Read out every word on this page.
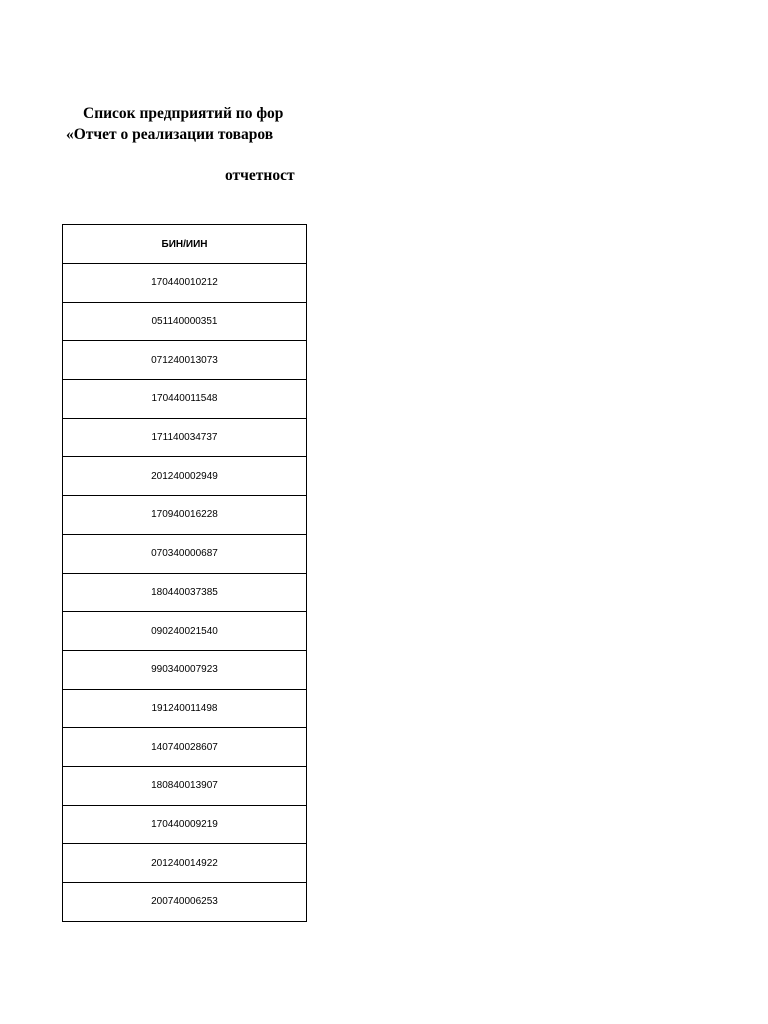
Список предприятий по фор
«Отчет о реализации товаров
отчетност
БИН/ИИН
170440010212
051140000351
071240013073
170440011548
171140034737
201240002949
170940016228
070340000687
180440037385
090240021540
990340007923
191240011498
140740028607
180840013907
170440009219
201240014922
200740006253
